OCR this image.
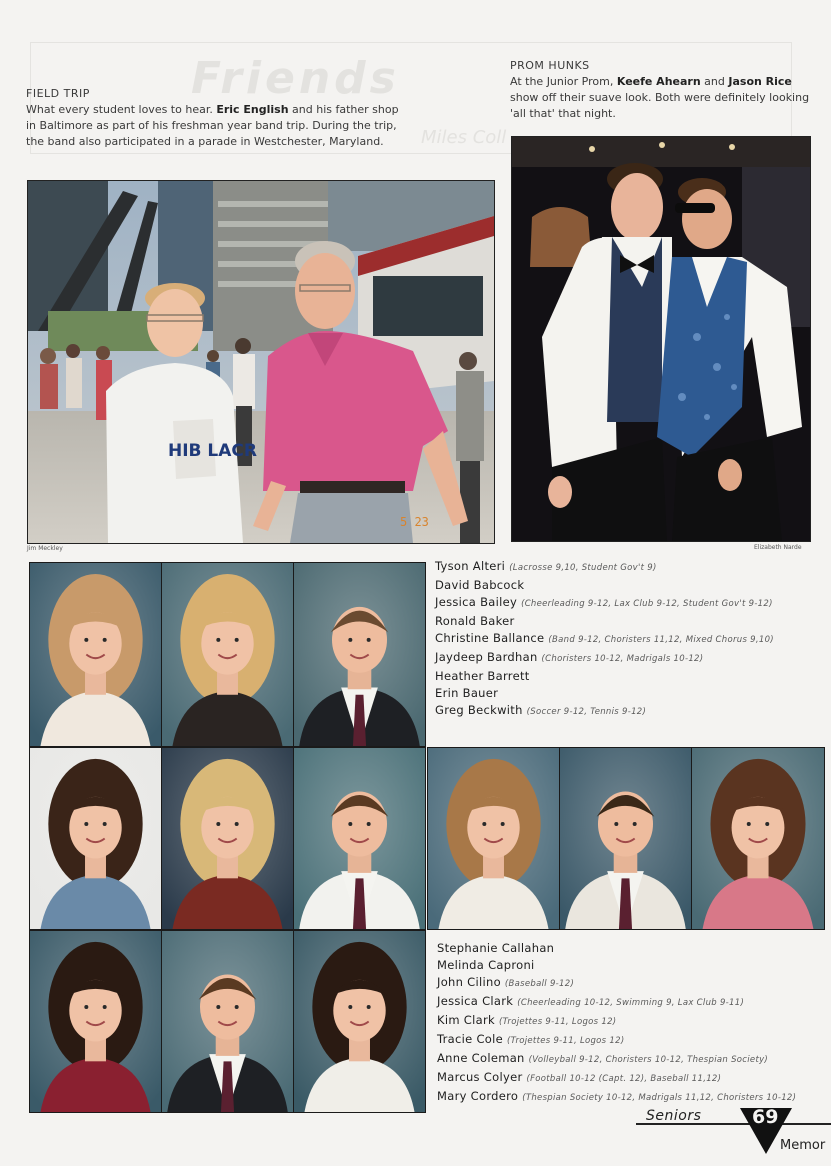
Friends
Miles Coll
FIELD TRIP
What every student loves to hear. Eric English and his father shop in Baltimore as part of his freshman year band trip. During the trip, the band also participated in a parade in Westchester, Maryland.
PROM HUNKS
At the Junior Prom, Keefe Ahearn and Jason Rice show off their suave look. Both were definitely looking 'all that' that night.
HIB LACR
5 23
Jim Meckley	Elizabeth Narde
Tyson Alteri (Lacrosse 9,10, Student Gov't 9)
David Babcock
Jessica Bailey (Cheerleading 9-12, Lax Club 9-12, Student Gov't 9-12)
Ronald Baker
Christine Ballance (Band 9-12, Choristers 11,12, Mixed Chorus 9,10)
Jaydeep Bardhan (Choristers 10-12, Madrigals 10-12)
Heather Barrett
Erin Bauer
Greg Beckwith (Soccer 9-12, Tennis 9-12)
Stephanie Callahan
Melinda Caproni
John Cilino (Baseball 9-12)
Jessica Clark (Cheerleading 10-12, Swimming 9, Lax Club 9-11)
Kim Clark (Trojettes 9-11, Logos 12)
Tracie Cole (Trojettes 9-11, Logos 12)
Anne Coleman (Volleyball 9-12, Choristers 10-12, Thespian Society)
Marcus Colyer (Football 10-12 (Capt. 12), Baseball 11,12)
Mary Cordero (Thespian Society 10-12, Madrigals 11,12, Choristers 10-12)
Seniors	69
Memor
